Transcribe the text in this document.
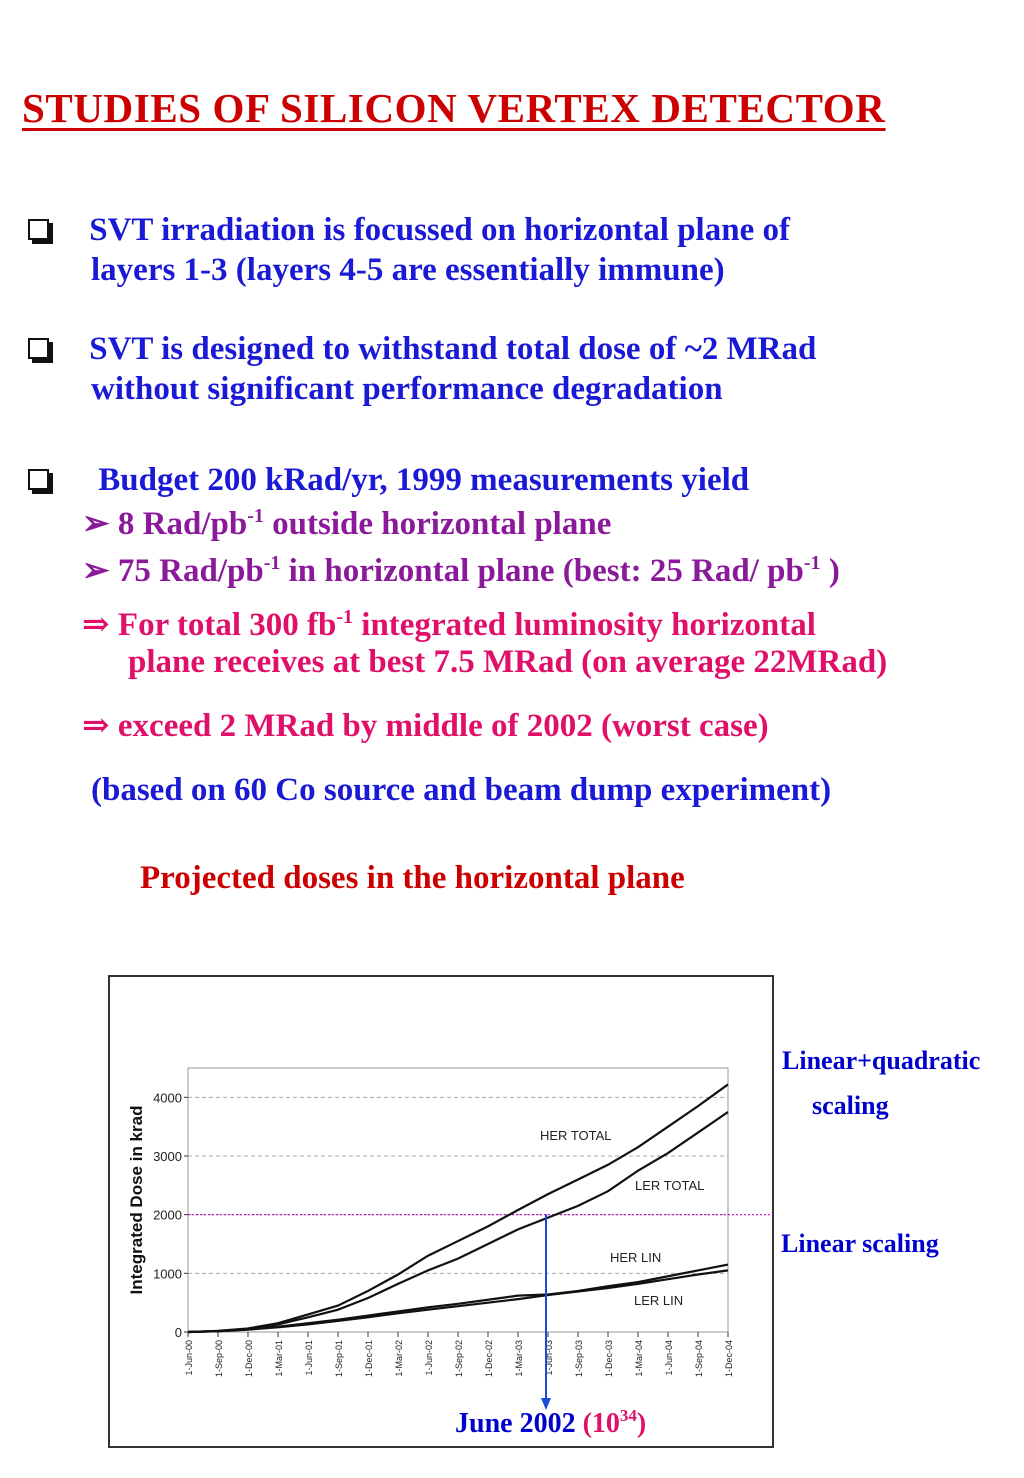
STUDIES OF SILICON VERTEX DETECTOR
SVT irradiation is focussed on horizontal plane of
layers 1-3 (layers 4-5 are essentially immune)
SVT is designed to withstand total dose of ~2 MRad
without significant performance degradation
Budget 200 kRad/yr, 1999 measurements yield
➢ 8 Rad/$pb^{-1}$ outside horizontal plane
➢ 75 Rad/$pb^{-1}$ in horizontal plane (best: 25 Rad/ $pb^{-1}$ )
⇒ For total 300 $fb^{-1}$ integrated luminosity horizontal
plane receives at best 7.5 MRad (on average 22MRad)
⇒ exceed 2 MRad by middle of 2002 (worst case)
(based on 60 Co source and beam dump experiment)
Projected doses in the horizontal plane
0
1000
2000
3000
4000
Integrated Dose in krad
1-Jun-00 1-Sep-00 1-Dec-00 1-Mar-01 1-Jun-01 1-Sep-01 1-Dec-01 1-Mar-02 1-Jun-02 1-Sep-02 1-Dec-02 1-Mar-03 1-Jun-03 1-Sep-03 1-Dec-03 1-Mar-04 1-Jun-04 1-Sep-04 1-Dec-04
HER TOTAL
LER TOTAL
HER LIN
LER LIN
Linear+quadratic
scaling
Linear scaling
June 2002 $(10^{34})$
